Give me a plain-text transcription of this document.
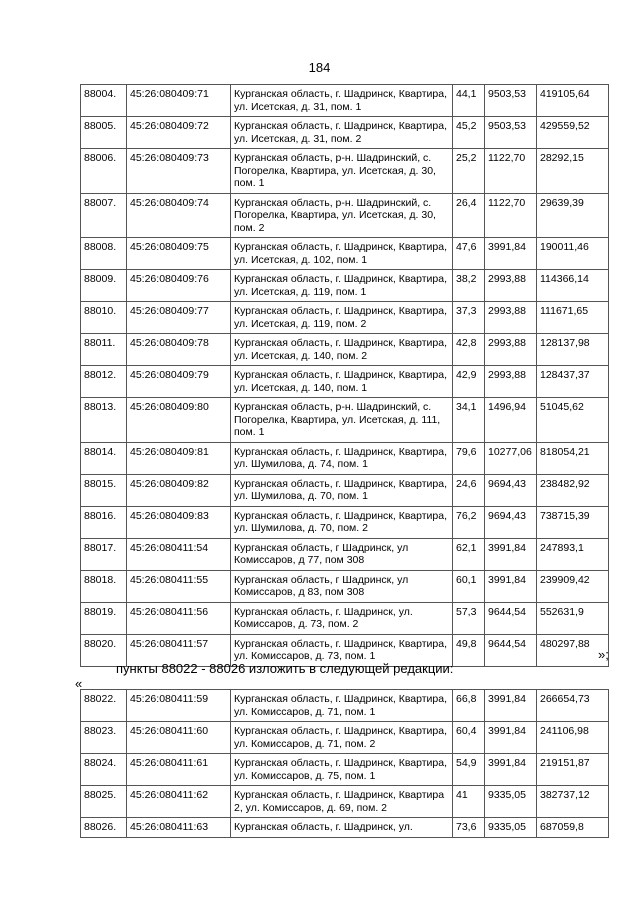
184
88004.	45:26:080409:71	Курганская область, г. Шадринск, Квартира, ул. Исетская, д. 31, пом. 1	44,1	9503,53	419105,64
88005.	45:26:080409:72	Курганская область, г. Шадринск, Квартира, ул. Исетская, д. 31, пом. 2	45,2	9503,53	429559,52
88006.	45:26:080409:73	Курганская область, р-н. Шадринский, с. Погорелка, Квартира, ул. Исетская, д. 30, пом. 1	25,2	1122,70	28292,15
88007.	45:26:080409:74	Курганская область, р-н. Шадринский, с. Погорелка, Квартира, ул. Исетская, д. 30, пом. 2	26,4	1122,70	29639,39
88008.	45:26:080409:75	Курганская область, г. Шадринск, Квартира, ул. Исетская, д. 102, пом. 1	47,6	3991,84	190011,46
88009.	45:26:080409:76	Курганская область, г. Шадринск, Квартира, ул. Исетская, д. 119, пом. 1	38,2	2993,88	114366,14
88010.	45:26:080409:77	Курганская область, г. Шадринск, Квартира, ул. Исетская, д. 119, пом. 2	37,3	2993,88	111671,65
88011.	45:26:080409:78	Курганская область, г. Шадринск, Квартира, ул. Исетская, д. 140, пом. 2	42,8	2993,88	128137,98
88012.	45:26:080409:79	Курганская область, г. Шадринск, Квартира, ул. Исетская, д. 140, пом. 1	42,9	2993,88	128437,37
88013.	45:26:080409:80	Курганская область, р-н. Шадринский, с. Погорелка, Квартира, ул. Исетская, д. 111, пом. 1	34,1	1496,94	51045,62
88014.	45:26:080409:81	Курганская область, г. Шадринск, Квартира, ул. Шумилова, д. 74, пом. 1	79,6	10277,06	818054,21
88015.	45:26:080409:82	Курганская область, г. Шадринск, Квартира, ул. Шумилова, д. 70, пом. 1	24,6	9694,43	238482,92
88016.	45:26:080409:83	Курганская область, г. Шадринск, Квартира, ул. Шумилова, д. 70, пом. 2	76,2	9694,43	738715,39
88017.	45:26:080411:54	Курганская область, г Шадринск, ул Комиссаров, д 77, пом 308	62,1	3991,84	247893,1
88018.	45:26:080411:55	Курганская область, г Шадринск, ул Комиссаров, д 83, пом 308	60,1	3991,84	239909,42
88019.	45:26:080411:56	Курганская область, г. Шадринск, ул. Комиссаров, д. 73, пом. 2	57,3	9644,54	552631,9
88020.	45:26:080411:57	Курганская область, г. Шадринск, Квартира, ул. Комиссаров, д. 73, пом. 1	49,8	9644,54	480297,88
»;
пункты 88022 - 88026 изложить в следующей редакции:
«
88022.	45:26:080411:59	Курганская область, г. Шадринск, Квартира, ул. Комиссаров, д. 71, пом. 1	66,8	3991,84	266654,73
88023.	45:26:080411:60	Курганская область, г. Шадринск, Квартира, ул. Комиссаров, д. 71, пом. 2	60,4	3991,84	241106,98
88024.	45:26:080411:61	Курганская область, г. Шадринск, Квартира, ул. Комиссаров, д. 75, пом. 1	54,9	3991,84	219151,87
88025.	45:26:080411:62	Курганская область, г. Шадринск, Квартира 2, ул. Комиссаров, д. 69, пом. 2	41	9335,05	382737,12
88026.	45:26:080411:63	Курганская область, г. Шадринск, ул.	73,6	9335,05	687059,8
